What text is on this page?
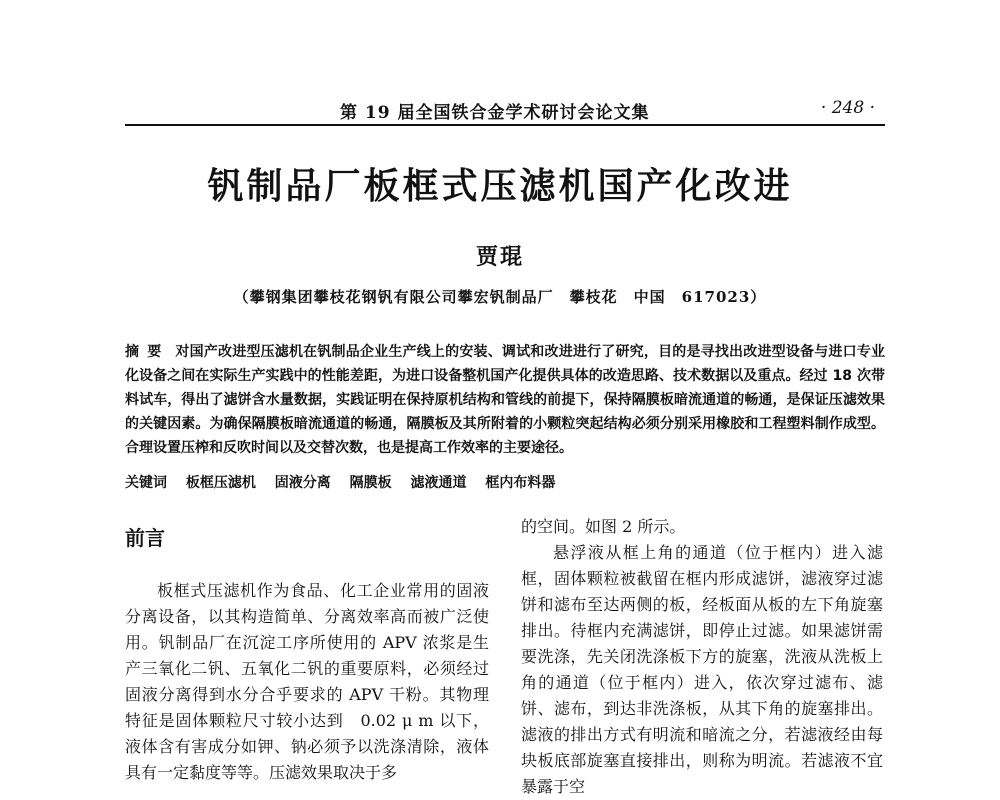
第 19 届全国铁合金学术研讨会论文集	· 248 ·
钒制品厂板框式压滤机国产化改进
贾琨
（攀钢集团攀枝花钢钒有限公司攀宏钒制品厂　攀枝花　中国　617023）
摘要 对国产改进型压滤机在钒制品企业生产线上的安装、调试和改进进行了研究，目的是寻找出改进型设备与进口专业化设备之间在实际生产实践中的性能差距，为进口设备整机国产化提供具体的改造思路、技术数据以及重点。经过 18 次带料试车，得出了滤饼含水量数据，实践证明在保持原机结构和管线的前提下，保持隔膜板暗流通道的畅通，是保证压滤效果的关键因素。为确保隔膜板暗流通道的畅通，隔膜板及其所附着的小颗粒突起结构必须分别采用橡胶和工程塑料制作成型。合理设置压榨和反吹时间以及交替次数，也是提高工作效率的主要途径。
关键词 板框压滤机 固液分离 隔膜板 滤液通道 框内布料器
前言

板框式压滤机作为食品、化工企业常用的固液分离设备，以其构造简单、分离效率高而被广泛使用。钒制品厂在沉淀工序所使用的 APV 浓浆是生产三氧化二钒、五氧化二钒的重要原料，必须经过固液分离得到水分合乎要求的 APV 干粉。其物理特征是固体颗粒尺寸较小达到　0.02 μ m 以下，液体含有害成分如钾、钠必须予以洗涤清除，液体具有一定黏度等等。压滤效果取决于多

的空间。如图 2 所示。

悬浮液从框上角的通道（位于框内）进入滤框，固体颗粒被截留在框内形成滤饼，滤液穿过滤饼和滤布至达两侧的板，经板面从板的左下角旋塞排出。待框内充满滤饼，即停止过滤。如果滤饼需要洗涤，先关闭洗涤板下方的旋塞，洗液从洗板上角的通道（位于框内）进入，依次穿过滤布、滤饼、滤布，到达非洗涤板，从其下角的旋塞排出。滤液的排出方式有明流和暗流之分，若滤液经由每块板底部旋塞直接排出，则称为明流。若滤液不宜暴露于空
